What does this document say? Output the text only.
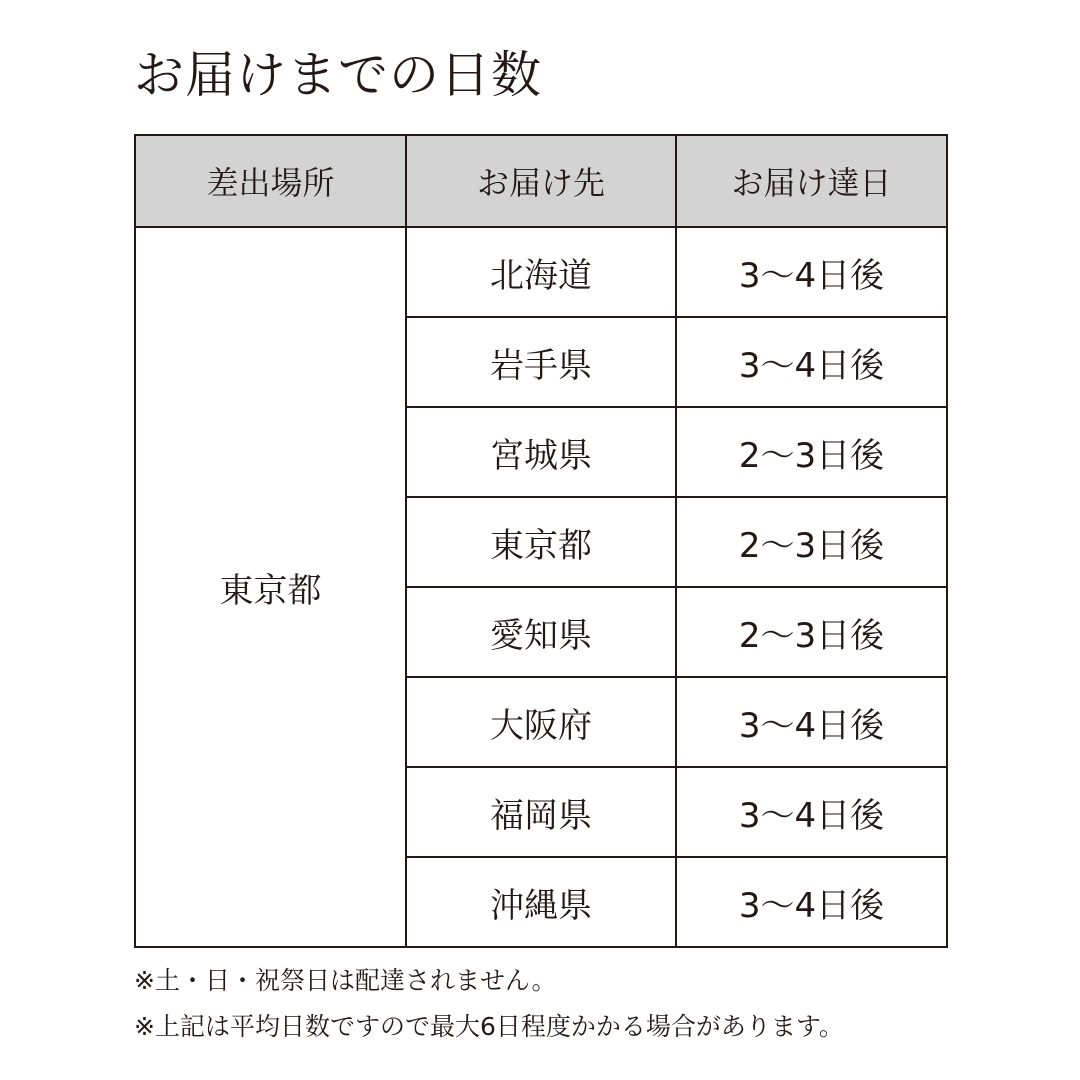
お届けまでの日数
差出場所	お届け先	お届け達日
東京都	北海道	3～4日後
	岩手県	3～4日後
	宮城県	2～3日後
	東京都	2～3日後
	愛知県	2～3日後
	大阪府	3～4日後
	福岡県	3～4日後
	沖縄県	3～4日後
※土・日・祝祭日は配達されません。
※上記は平均日数ですので最大6日程度かかる場合があります。
